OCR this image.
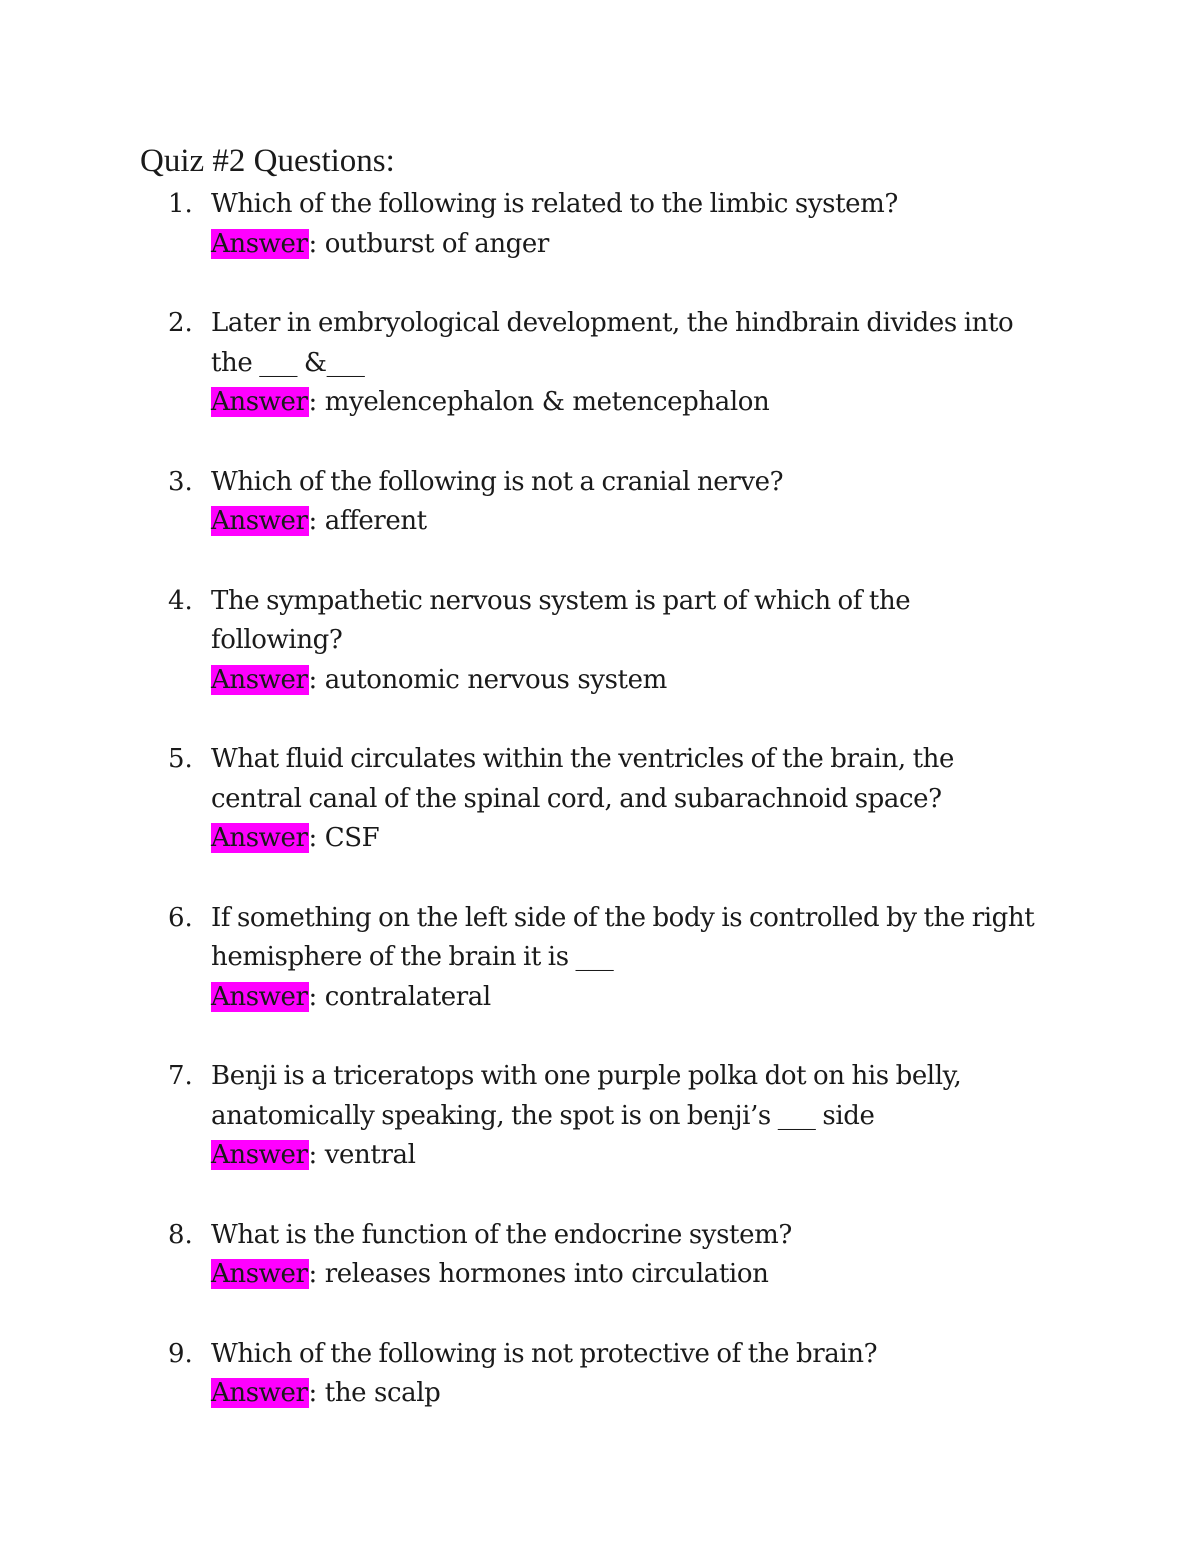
Quiz #2 Questions:
1. Which of the following is related to the limbic system?

Answer: outburst of anger

2. Later in embryological development, the hindbrain divides into the ___ &___

Answer: myelencephalon & metencephalon

3. Which of the following is not a cranial nerve?

Answer: afferent

4. The sympathetic nervous system is part of which of the following?

Answer: autonomic nervous system

5. What fluid circulates within the ventricles of the brain, the central canal of the spinal cord, and subarachnoid space?

Answer: CSF

6. If something on the left side of the body is controlled by the right hemisphere of the brain it is ___

Answer: contralateral

7. Benji is a triceratops with one purple polka dot on his belly, anatomically speaking, the spot is on benji’s ___ side

Answer: ventral

8. What is the function of the endocrine system?

Answer: releases hormones into circulation

9. Which of the following is not protective of the brain?

Answer: the scalp
